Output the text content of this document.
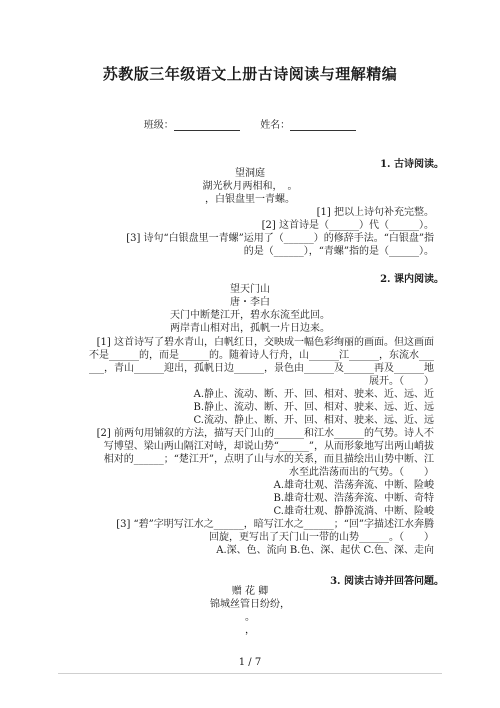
苏教版三年级语文上册古诗阅读与理解精编
班级：	姓名：
1. 古诗阅读。
望洞庭
湖光秋月两相和，　。
，白银盘里一青螺。
[1] 把以上诗句补充完整。
[2] 这首诗是（______）代（______）。
[3] 诗句“白银盘里一青螺”运用了（______）的修辞手法。“白银盘”指
的是（______），“青螺”指的是（______）。
2. 课内阅读。
望天门山
唐・李白
天门中断楚江开，碧水东流至此回。
两岸青山相对出，孤帆一片日边来。
[1] 这首诗写了碧水青山，白帆红日，交映成一幅色彩绚丽的画面。但这画面
不是______的，而是______的。随着诗人行舟，山______江______，东流水___
___，青山______迎出，孤帆日边______，景色由______及______再及______地
展开。（　　）
A.静止、流动、断、开、回、相对、驶来、近、远、近
B.静止、流动、断、开、回、相对、驶来、远、近、远
C.流动、静止、断、开、回、相对、驶来、远、近、远
[2] 前两句用铺叙的方法，描写天门山的______和江水______的气势。诗人不
写博望、梁山两山隔江对峙，却说山势“______”，从而形象地写出两山峭拔
相对的______；“楚江开”，点明了山与水的关系，而且描绘出山势中断、江
水至此浩荡而出的气势。（　　）
A.雄奇壮观、浩荡奔流、中断、险峻
B.雄奇壮观、浩荡奔流、中断、奇特
C.雄奇壮观、静静流淌、中断、险峻
[3] “碧”字明写江水之______，暗写江水之______；“回”字描述江水奔腾
回旋，更写出了天门山一带的山势______。（　　）
A.深、色、流向 B.色、深、起伏 C.色、深、走向
3. 阅读古诗并回答问题。
赠 花 卿
锦城丝管日纷纷，
。
，
1 / 7
